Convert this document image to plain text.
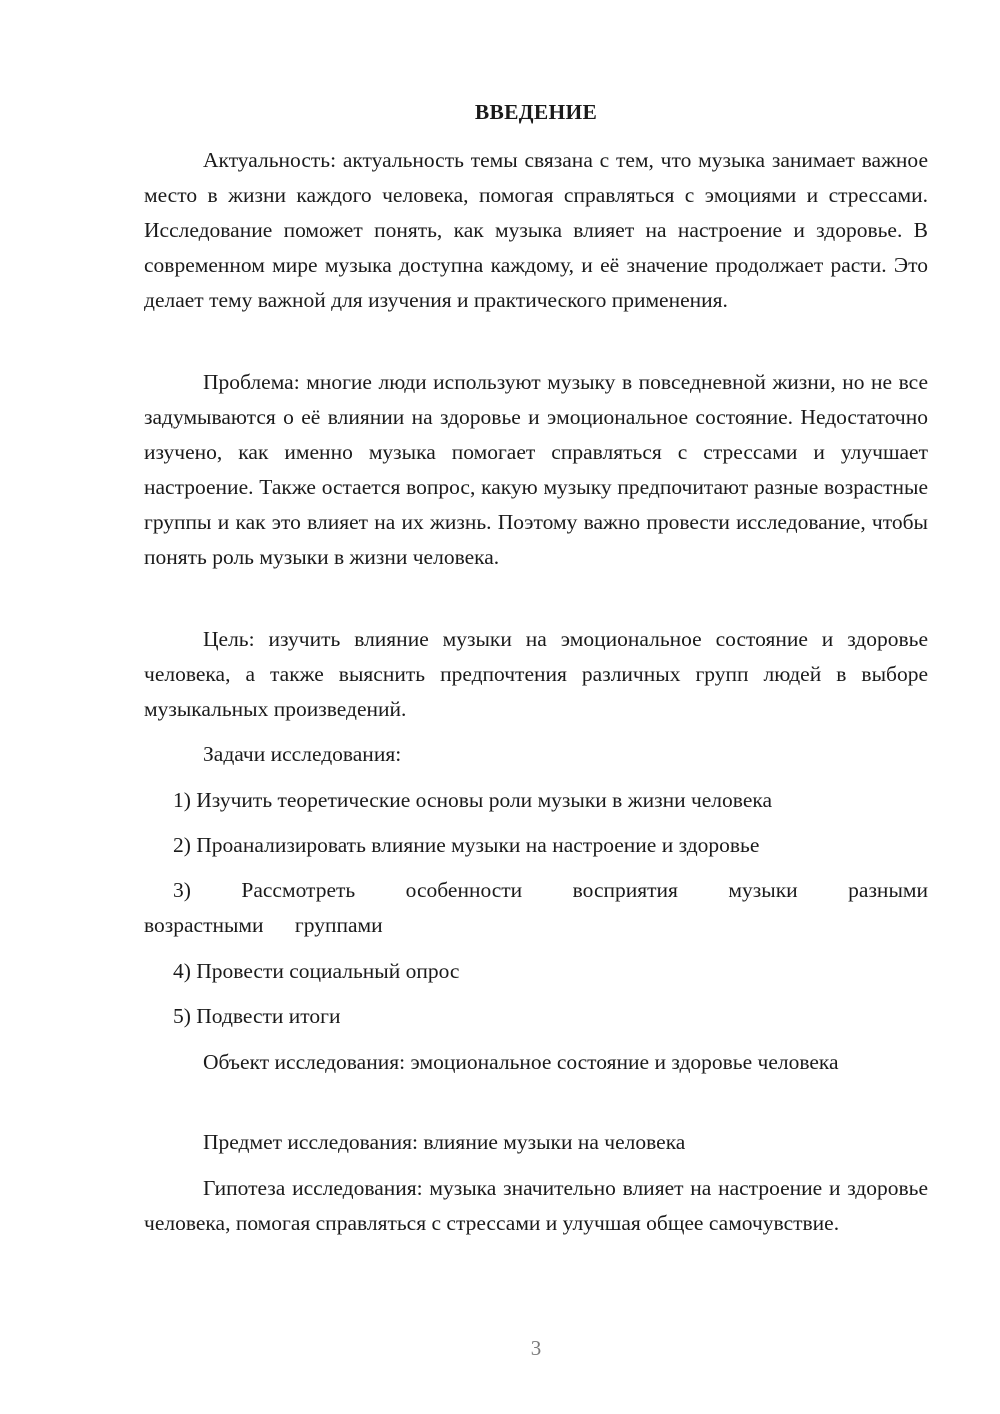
ВВЕДЕНИЕ

Актуальность: актуальность темы связана с тем, что музыка занимает важное место в жизни каждого человека, помогая справляться с эмоциями и стрессами. Исследование поможет понять, как музыка влияет на настроение и здоровье. В современном мире музыка доступна каждому, и её значение продолжает расти. Это делает тему важной для изучения и практического применения.

Проблема: многие люди используют музыку в повседневной жизни, но не все задумываются о её влиянии на здоровье и эмоциональное состояние. Недостаточно изучено, как именно музыка помогает справляться с стрессами и улучшает настроение. Также остается вопрос, какую музыку предпочитают разные возрастные группы и как это влияет на их жизнь. Поэтому важно провести исследование, чтобы понять роль музыки в жизни человека.

Цель: изучить влияние музыки на эмоциональное состояние и здоровье человека, а также выяснить предпочтения различных групп людей в выборе музыкальных произведений.

Задачи исследования:

1) Изучить теоретические основы роли музыки в жизни человека

2) Проанализировать влияние музыки на настроение и здоровье

3) Рассмотреть особенности восприятия музыки разными возрастными группами

4) Провести социальный опрос

5) Подвести итоги

Объект исследования: эмоциональное состояние и здоровье человека

Предмет исследования: влияние музыки на человека

Гипотеза исследования: музыка значительно влияет на настроение и здоровье человека, помогая справляться с стрессами и улучшая общее самочувствие.

3
